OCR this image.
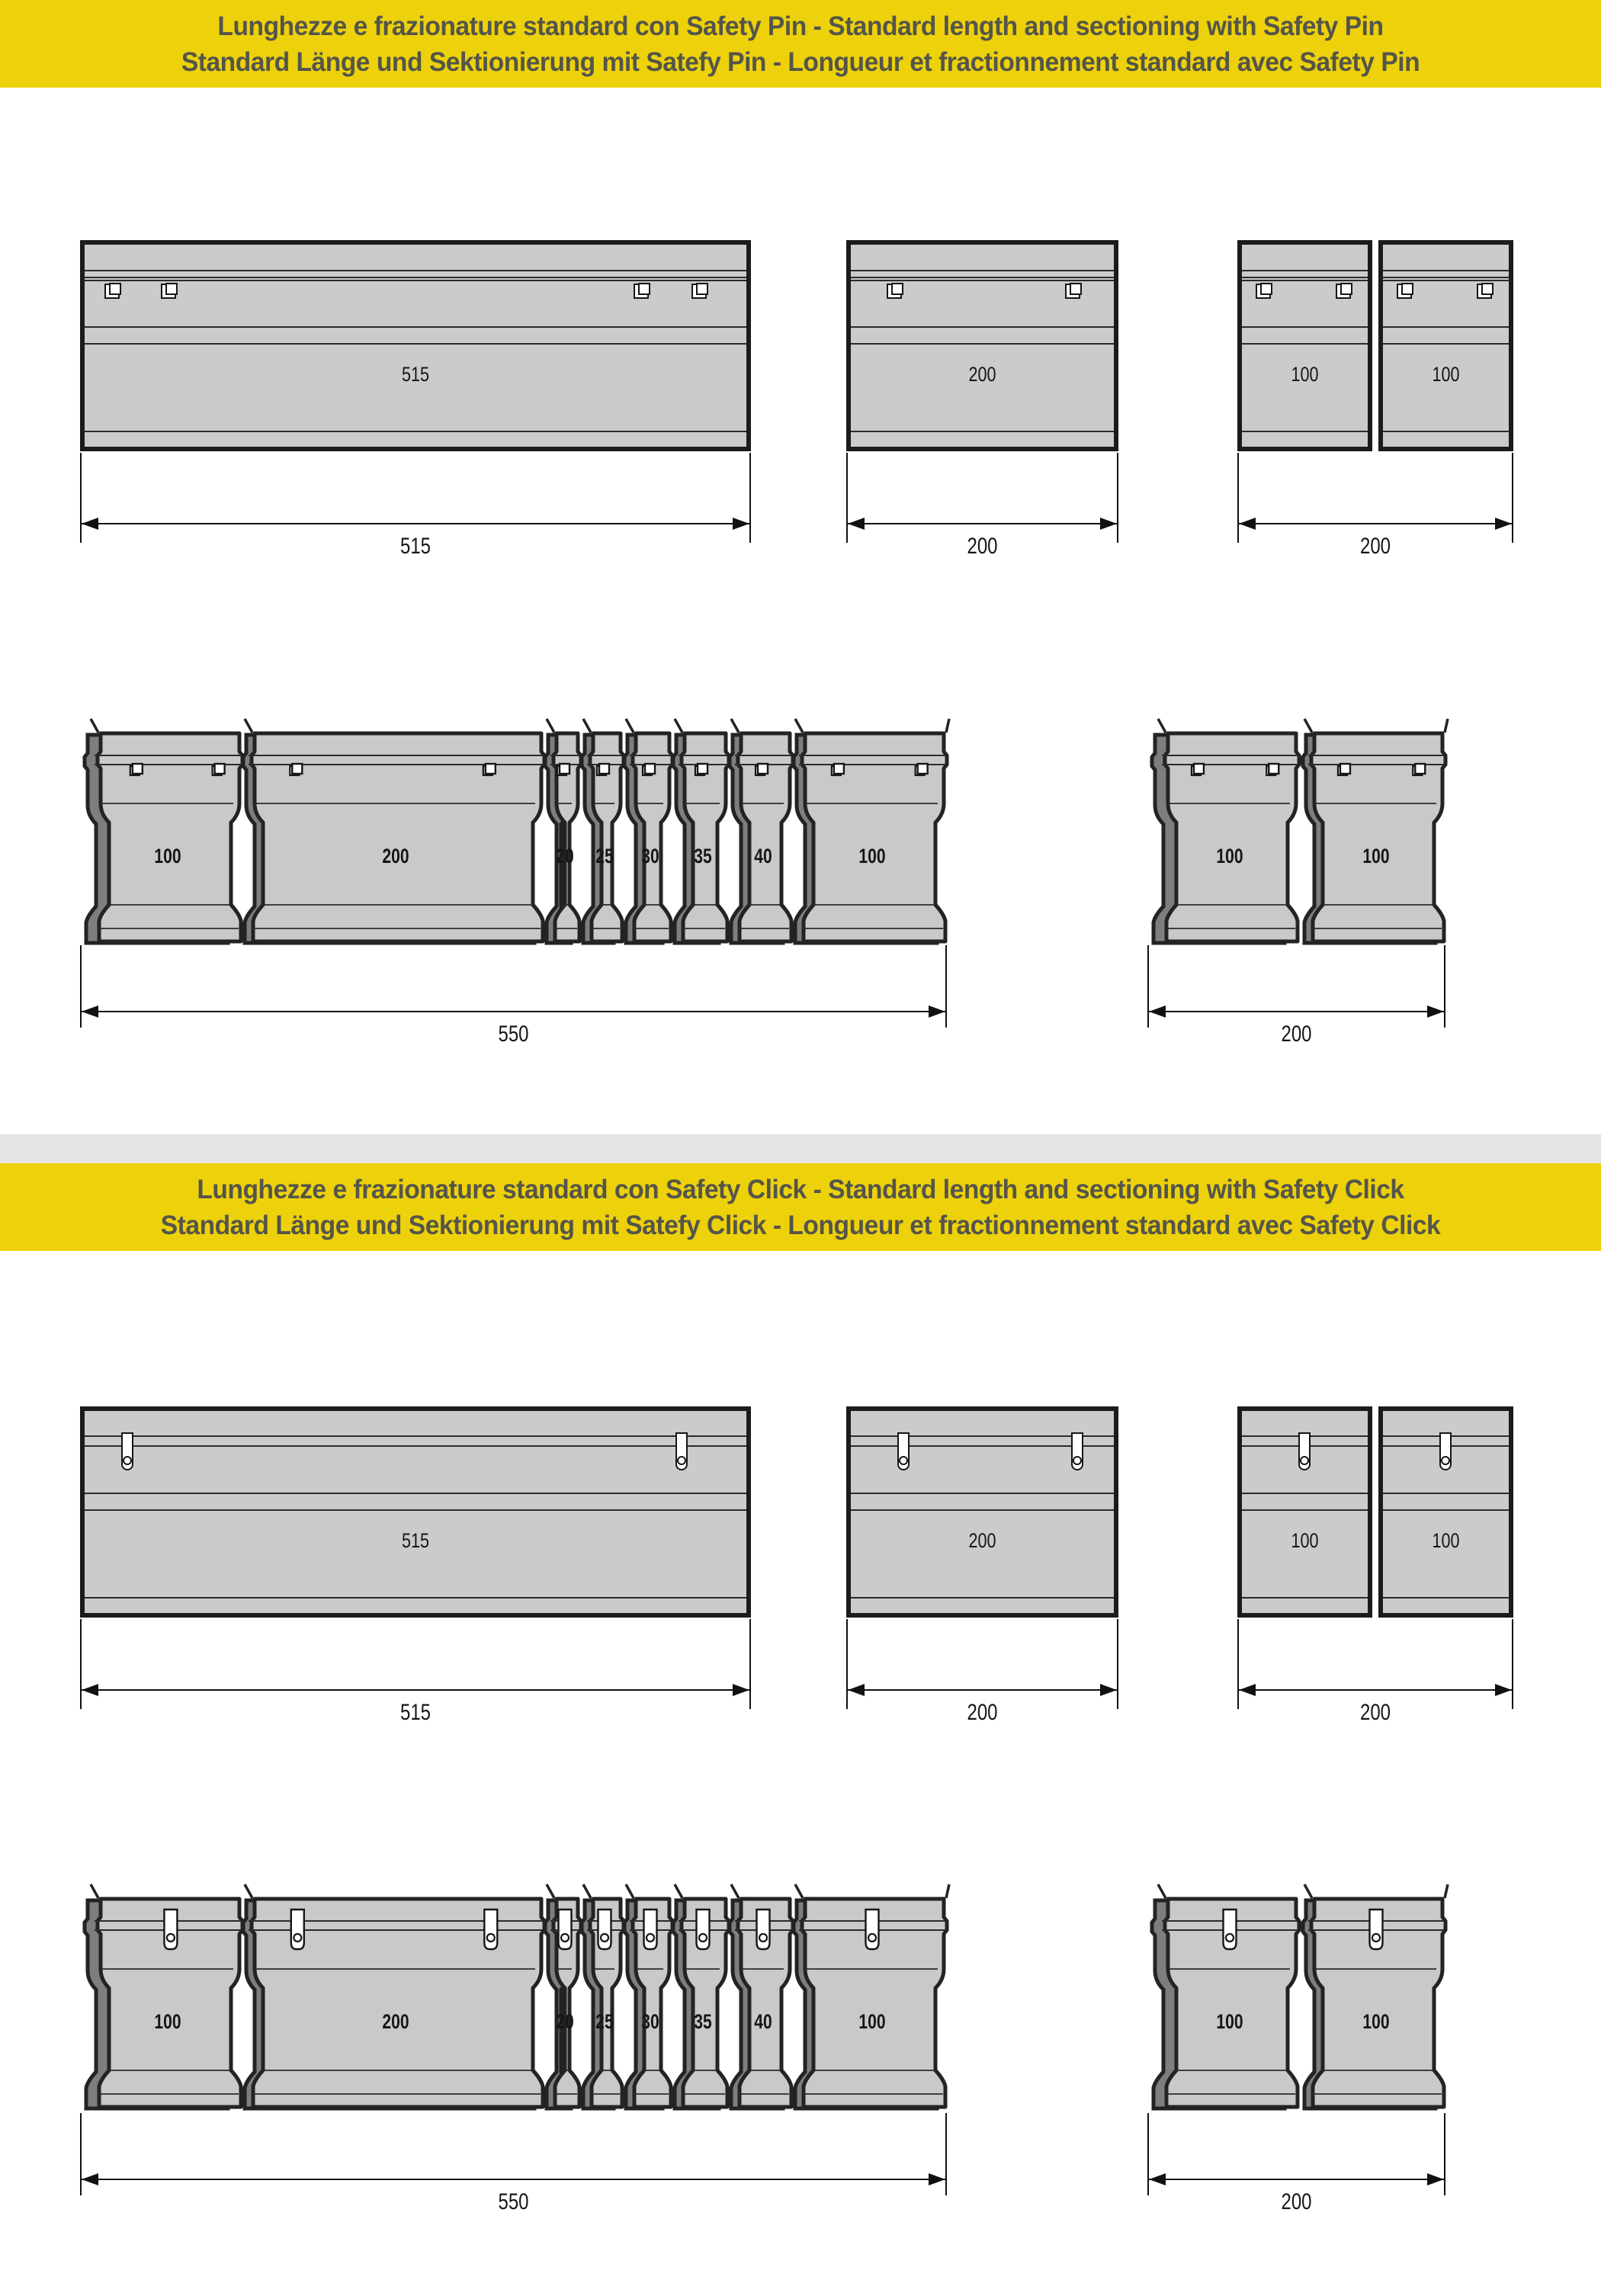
Lunghezze e frazionature standard con Safety Pin - Standard length and sectioning with Safety Pin
Standard Länge und Sektionierung mit Satefy Pin - Longueur et fractionnement standard avec Safety Pin
515	200	100	100
515	200	200
100	200	20 25	30	35	40	100	100	100
550	200
Lunghezze e frazionature standard con Safety Click - Standard length and sectioning with Safety Click
Standard Länge und Sektionierung mit Satefy Click - Longueur et fractionnement standard avec Safety Click
515	200	100	100
515	200	200
100	200	20 25	30	35	40	100	100	100
550	200
